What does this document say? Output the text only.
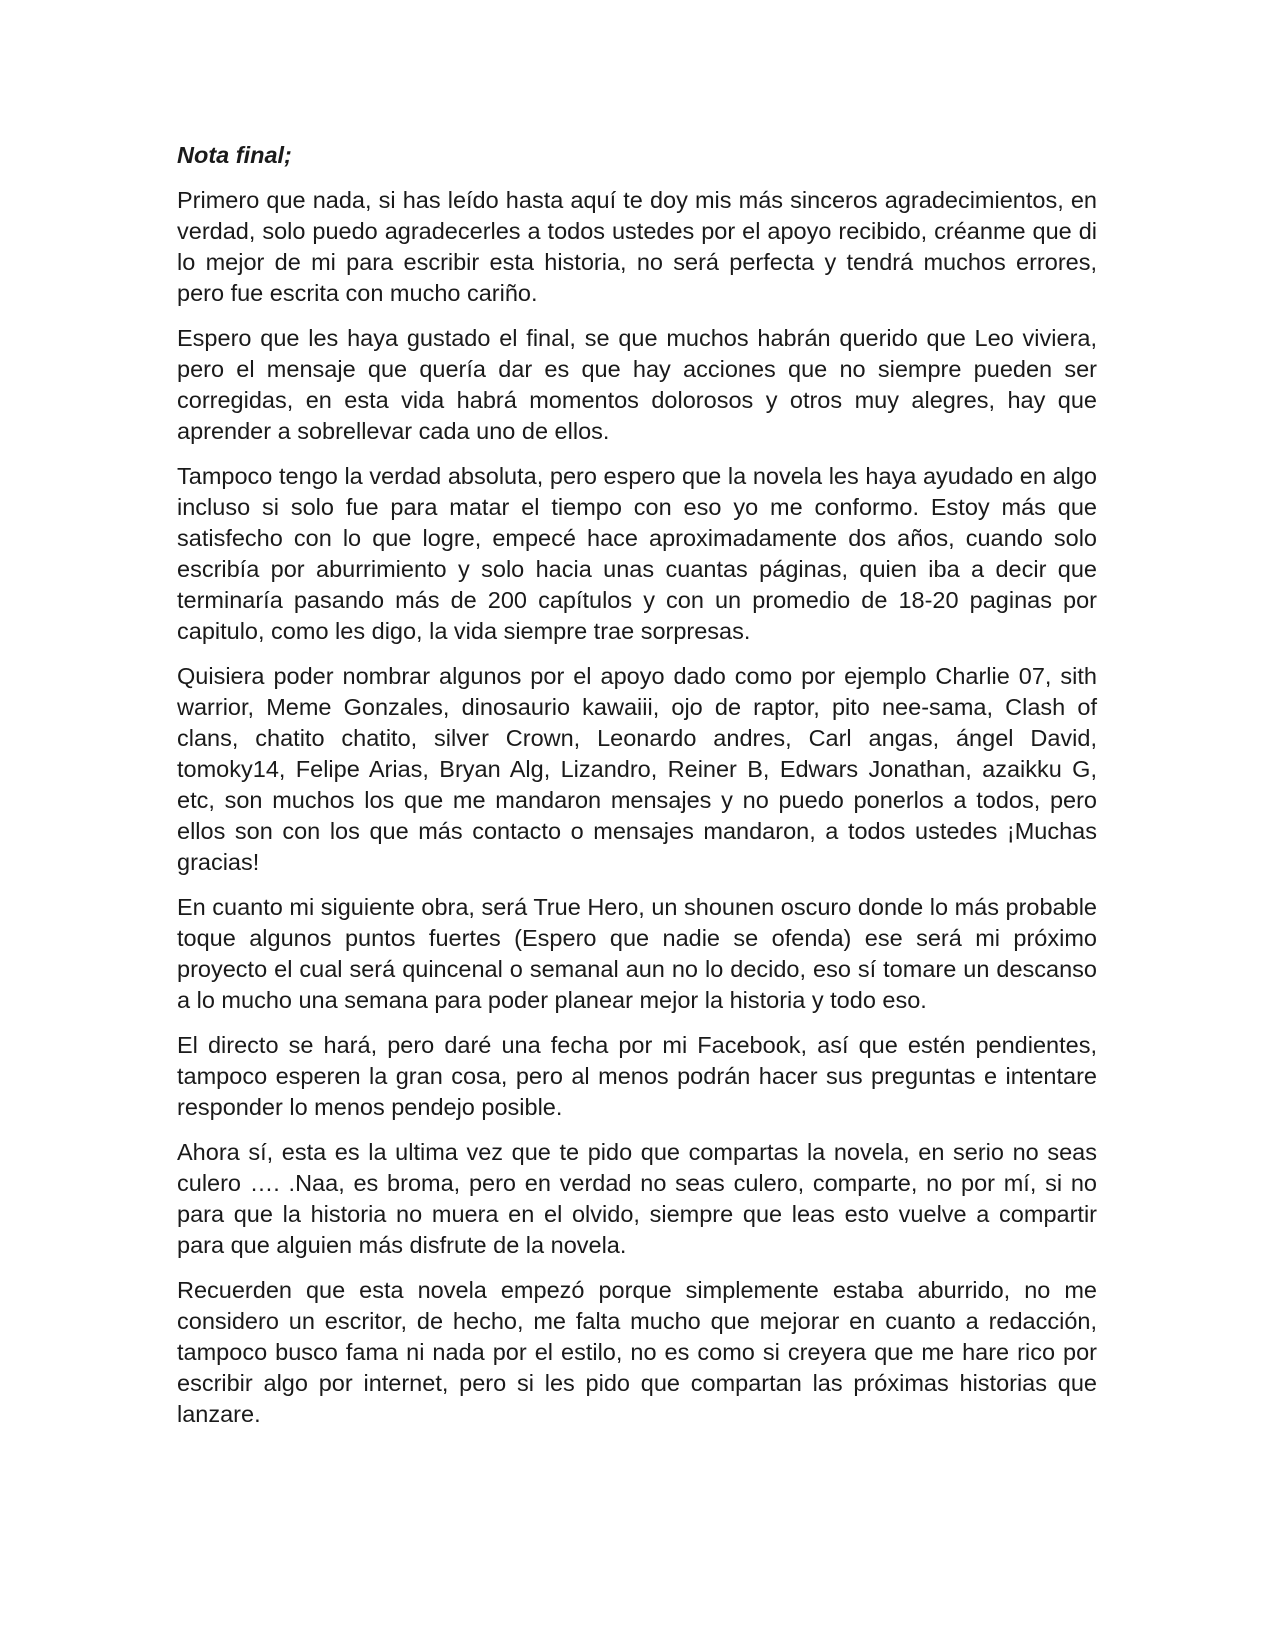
Nota final;

Primero que nada, si has leído hasta aquí te doy mis más sinceros agradecimientos, en verdad, solo puedo agradecerles a todos ustedes por el apoyo recibido, créanme que di lo mejor de mi para escribir esta historia, no será perfecta y tendrá muchos errores, pero fue escrita con mucho cariño.

Espero que les haya gustado el final, se que muchos habrán querido que Leo viviera, pero el mensaje que quería dar es que hay acciones que no siempre pueden ser corregidas, en esta vida habrá momentos dolorosos y otros muy alegres, hay que aprender a sobrellevar cada uno de ellos.

Tampoco tengo la verdad absoluta, pero espero que la novela les haya ayudado en algo incluso si solo fue para matar el tiempo con eso yo me conformo. Estoy más que satisfecho con lo que logre, empecé hace aproximadamente dos años, cuando solo escribía por aburrimiento y solo hacia unas cuantas páginas, quien iba a decir que terminaría pasando más de 200 capítulos y con un promedio de 18-20 paginas por capitulo, como les digo, la vida siempre trae sorpresas.

Quisiera poder nombrar algunos por el apoyo dado como por ejemplo Charlie 07, sith warrior, Meme Gonzales, dinosaurio kawaiii, ojo de raptor, pito nee-sama, Clash of clans, chatito chatito, silver Crown, Leonardo andres, Carl angas, ángel David, tomoky14, Felipe Arias, Bryan Alg, Lizandro, Reiner B, Edwars Jonathan, azaikku G, etc, son muchos los que me mandaron mensajes y no puedo ponerlos a todos, pero ellos son con los que más contacto o mensajes mandaron, a todos ustedes ¡Muchas gracias!

En cuanto mi siguiente obra, será True Hero, un shounen oscuro donde lo más probable toque algunos puntos fuertes (Espero que nadie se ofenda) ese será mi próximo proyecto el cual será quincenal o semanal aun no lo decido, eso sí tomare un descanso a lo mucho una semana para poder planear mejor la historia y todo eso.

El directo se hará, pero daré una fecha por mi Facebook, así que estén pendientes, tampoco esperen la gran cosa, pero al menos podrán hacer sus preguntas e intentare responder lo menos pendejo posible.

Ahora sí, esta es la ultima vez que te pido que compartas la novela, en serio no seas culero …. .Naa, es broma, pero en verdad no seas culero, comparte, no por mí, si no para que la historia no muera en el olvido, siempre que leas esto vuelve a compartir para que alguien más disfrute de la novela.

Recuerden que esta novela empezó porque simplemente estaba aburrido, no me considero un escritor, de hecho, me falta mucho que mejorar en cuanto a redacción, tampoco busco fama ni nada por el estilo, no es como si creyera que me hare rico por escribir algo por internet, pero si les pido que compartan las próximas historias que lanzare.
